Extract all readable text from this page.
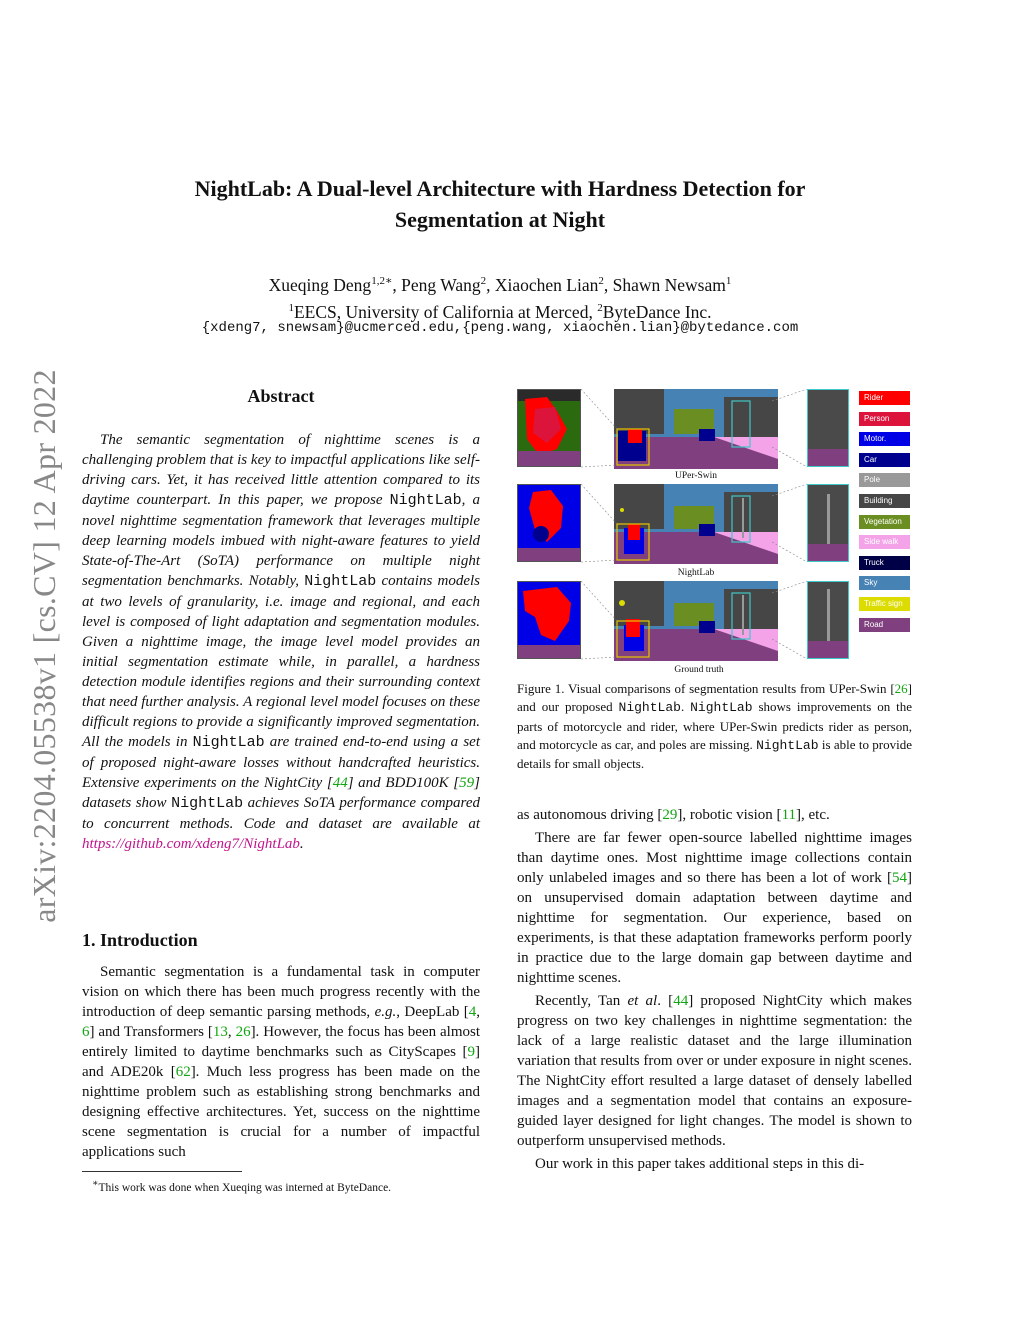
arXiv:2204.05538v1 [cs.CV] 12 Apr 2022
NightLab: A Dual-level Architecture with Hardness Detection for
Segmentation at Night
Xueqing Deng$^{1,2∗}$, Peng Wang$^2$, Xiaochen Lian$^2$, Shawn Newsam$^1$
$^1$EECS, University of California at Merced, $^2$ByteDance Inc.
{xdeng7, snewsam}@ucmerced.edu,{peng.wang, xiaochen.lian}@bytedance.com
Abstract

The semantic segmentation of nighttime scenes is a challenging problem that is key to impactful applications like self-driving cars. Yet, it has received little attention compared to its daytime counterpart. In this paper, we propose NightLab, a novel nighttime segmentation framework that leverages multiple deep learning models imbued with night-aware features to yield State-of-The-Art (SoTA) performance on multiple night segmentation benchmarks. Notably, NightLab contains models at two levels of granularity, i.e. image and regional, and each level is composed of light adaptation and segmentation modules. Given a nighttime image, the image level model provides an initial segmentation estimate while, in parallel, a hardness detection module identifies regions and their surrounding context that need further analysis. A regional level model focuses on these difficult regions to provide a significantly improved segmentation. All the models in NightLab are trained end-to-end using a set of proposed night-aware losses without handcrafted heuristics. Extensive experiments on the NightCity [44] and BDD100K [59] datasets show NightLab achieves SoTA performance compared to concurrent methods. Code and dataset are available at https://github.com/xdeng7/NightLab.

1. Introduction

Semantic segmentation is a fundamental task in computer vision on which there has been much progress recently with the introduction of deep semantic parsing methods, e.g., DeepLab [4, 6] and Transformers [13, 26]. However, the focus has been almost entirely limited to daytime benchmarks such as CityScapes [9] and ADE20k [62]. Much less progress has been made on the nighttime problem such as establishing strong benchmarks and designing effective architectures. Yet, success on the nighttime scene segmentation is crucial for a number of impactful applications such

∗This work was done when Xueqing was interned at ByteDance.
UPer-Swin
NightLab
Ground truth
Rider
Person
Motor.
Car
Pole
Building
Vegetation
Side walk
Truck
Sky
Traffic sign
Road
Figure 1. Visual comparisons of segmentation results from UPer-Swin [26] and our proposed NightLab. NightLab shows improvements on the parts of motorcycle and rider, where UPer-Swin predicts rider as person, and motorcycle as car, and poles are missing. NightLab is able to provide details for small objects.

as autonomous driving [29], robotic vision [11], etc.

There are far fewer open-source labelled nighttime images than daytime ones. Most nighttime image collections contain only unlabeled images and so there has been a lot of work [54] on unsupervised domain adaptation between daytime and nighttime for segmentation. Our experience, based on experiments, is that these adaptation frameworks perform poorly in practice due to the large domain gap between daytime and nighttime scenes.

Recently, Tan et al. [44] proposed NightCity which makes progress on two key challenges in nighttime segmentation: the lack of a large realistic dataset and the large illumination variation that results from over or under exposure in night scenes. The NightCity effort resulted a large dataset of densely labelled images and a segmentation model that contains an exposure-guided layer designed for light changes. The model is shown to outperform unsupervised methods.

Our work in this paper takes additional steps in this di-
